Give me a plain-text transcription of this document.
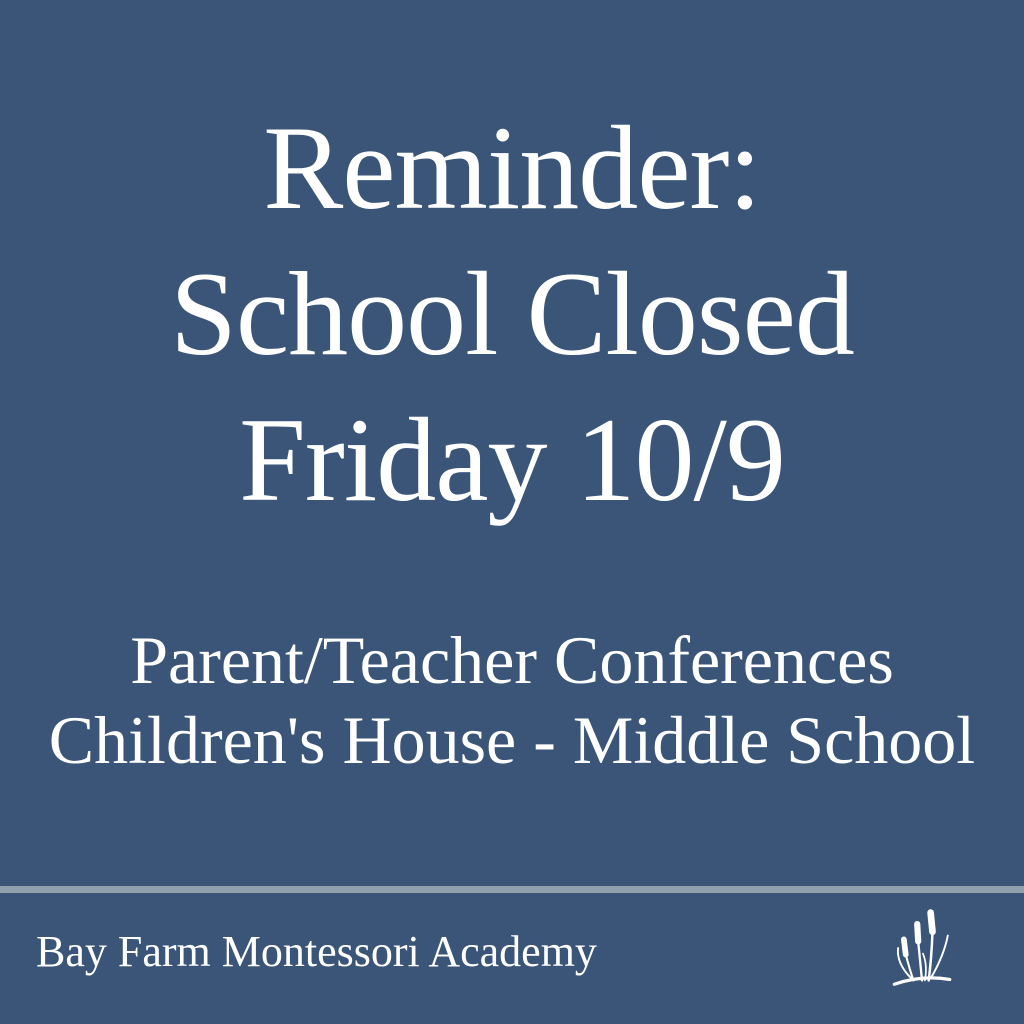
Reminder:
School Closed
Friday 10/9
Parent/Teacher Conferences
Children's House - Middle School
Bay Farm Montessori Academy
